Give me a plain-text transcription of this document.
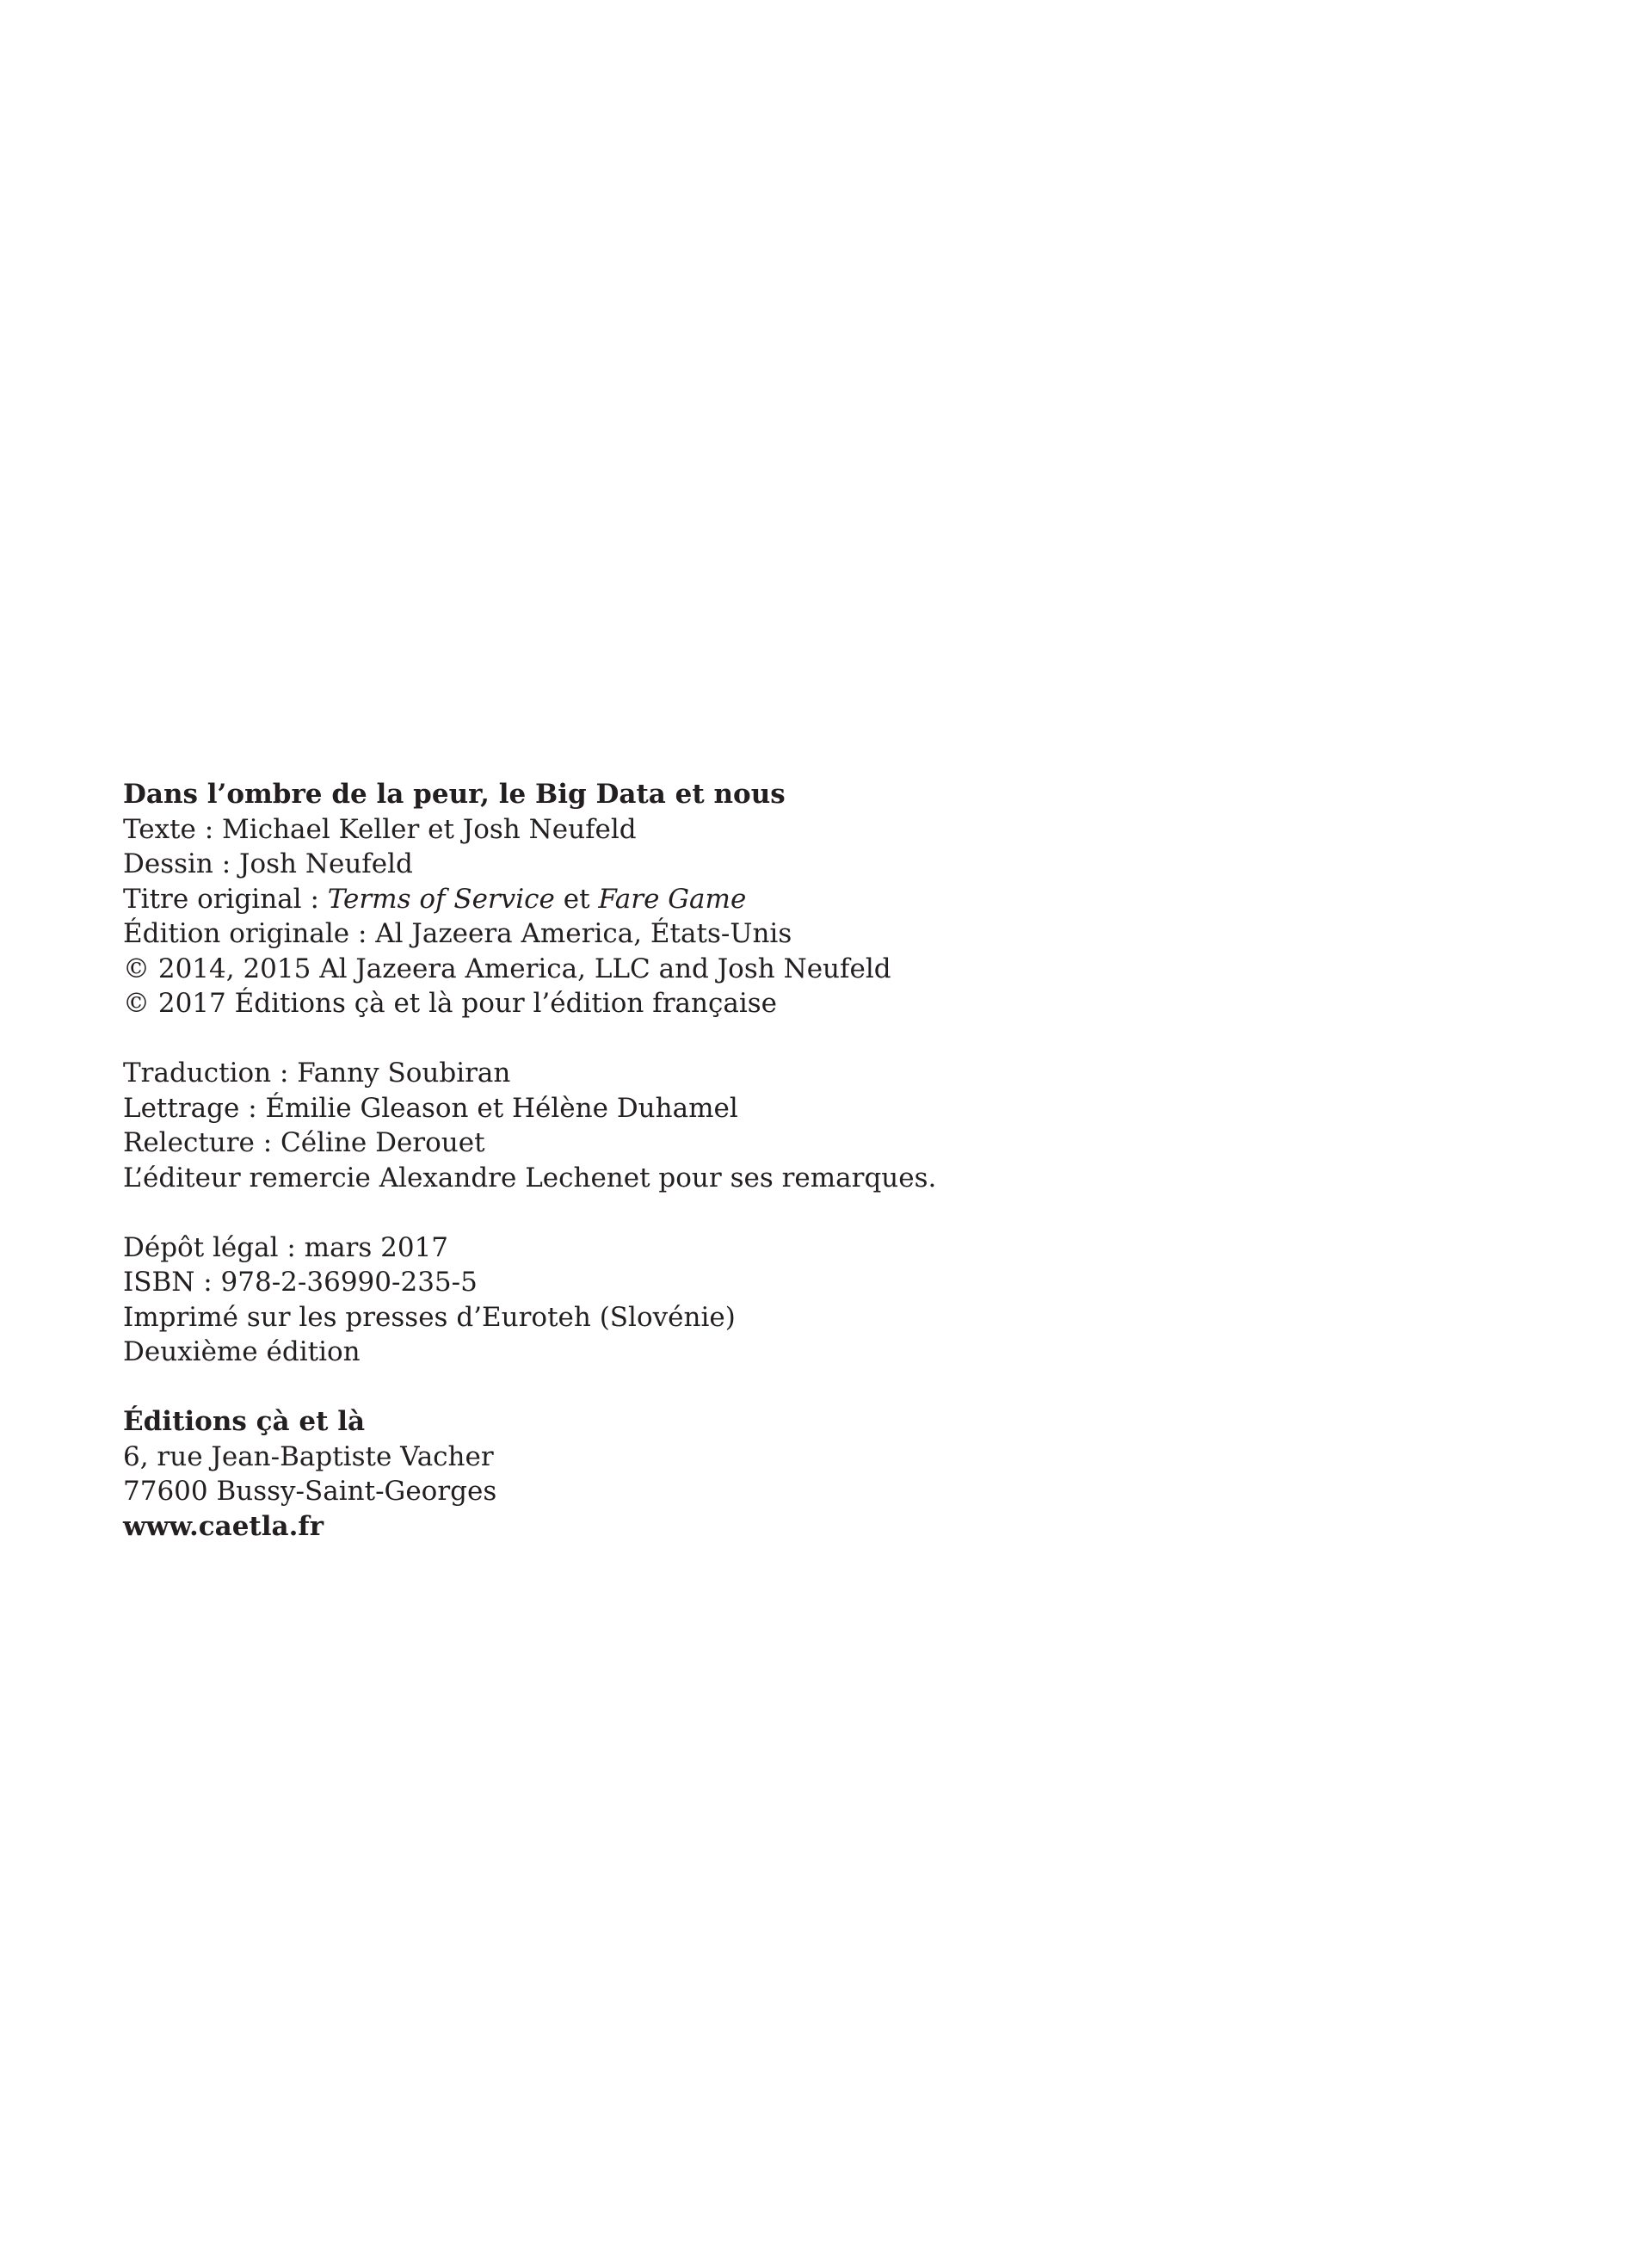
Dans l’ombre de la peur, le Big Data et nous
Texte : Michael Keller et Josh Neufeld
Dessin : Josh Neufeld
Titre original : Terms of Service et Fare Game
Édition originale : Al Jazeera America, États-Unis
© 2014, 2015 Al Jazeera America, LLC and Josh Neufeld
© 2017 Éditions çà et là pour l’édition française
Traduction : Fanny Soubiran
Lettrage : Émilie Gleason et Hélène Duhamel
Relecture : Céline Derouet
L’éditeur remercie Alexandre Lechenet pour ses remarques.
Dépôt légal : mars 2017
ISBN : 978-2-36990-235-5
Imprimé sur les presses d’Euroteh (Slovénie)
Deuxième édition
Éditions çà et là
6, rue Jean-Baptiste Vacher
77600 Bussy-Saint-Georges
www.caetla.fr
